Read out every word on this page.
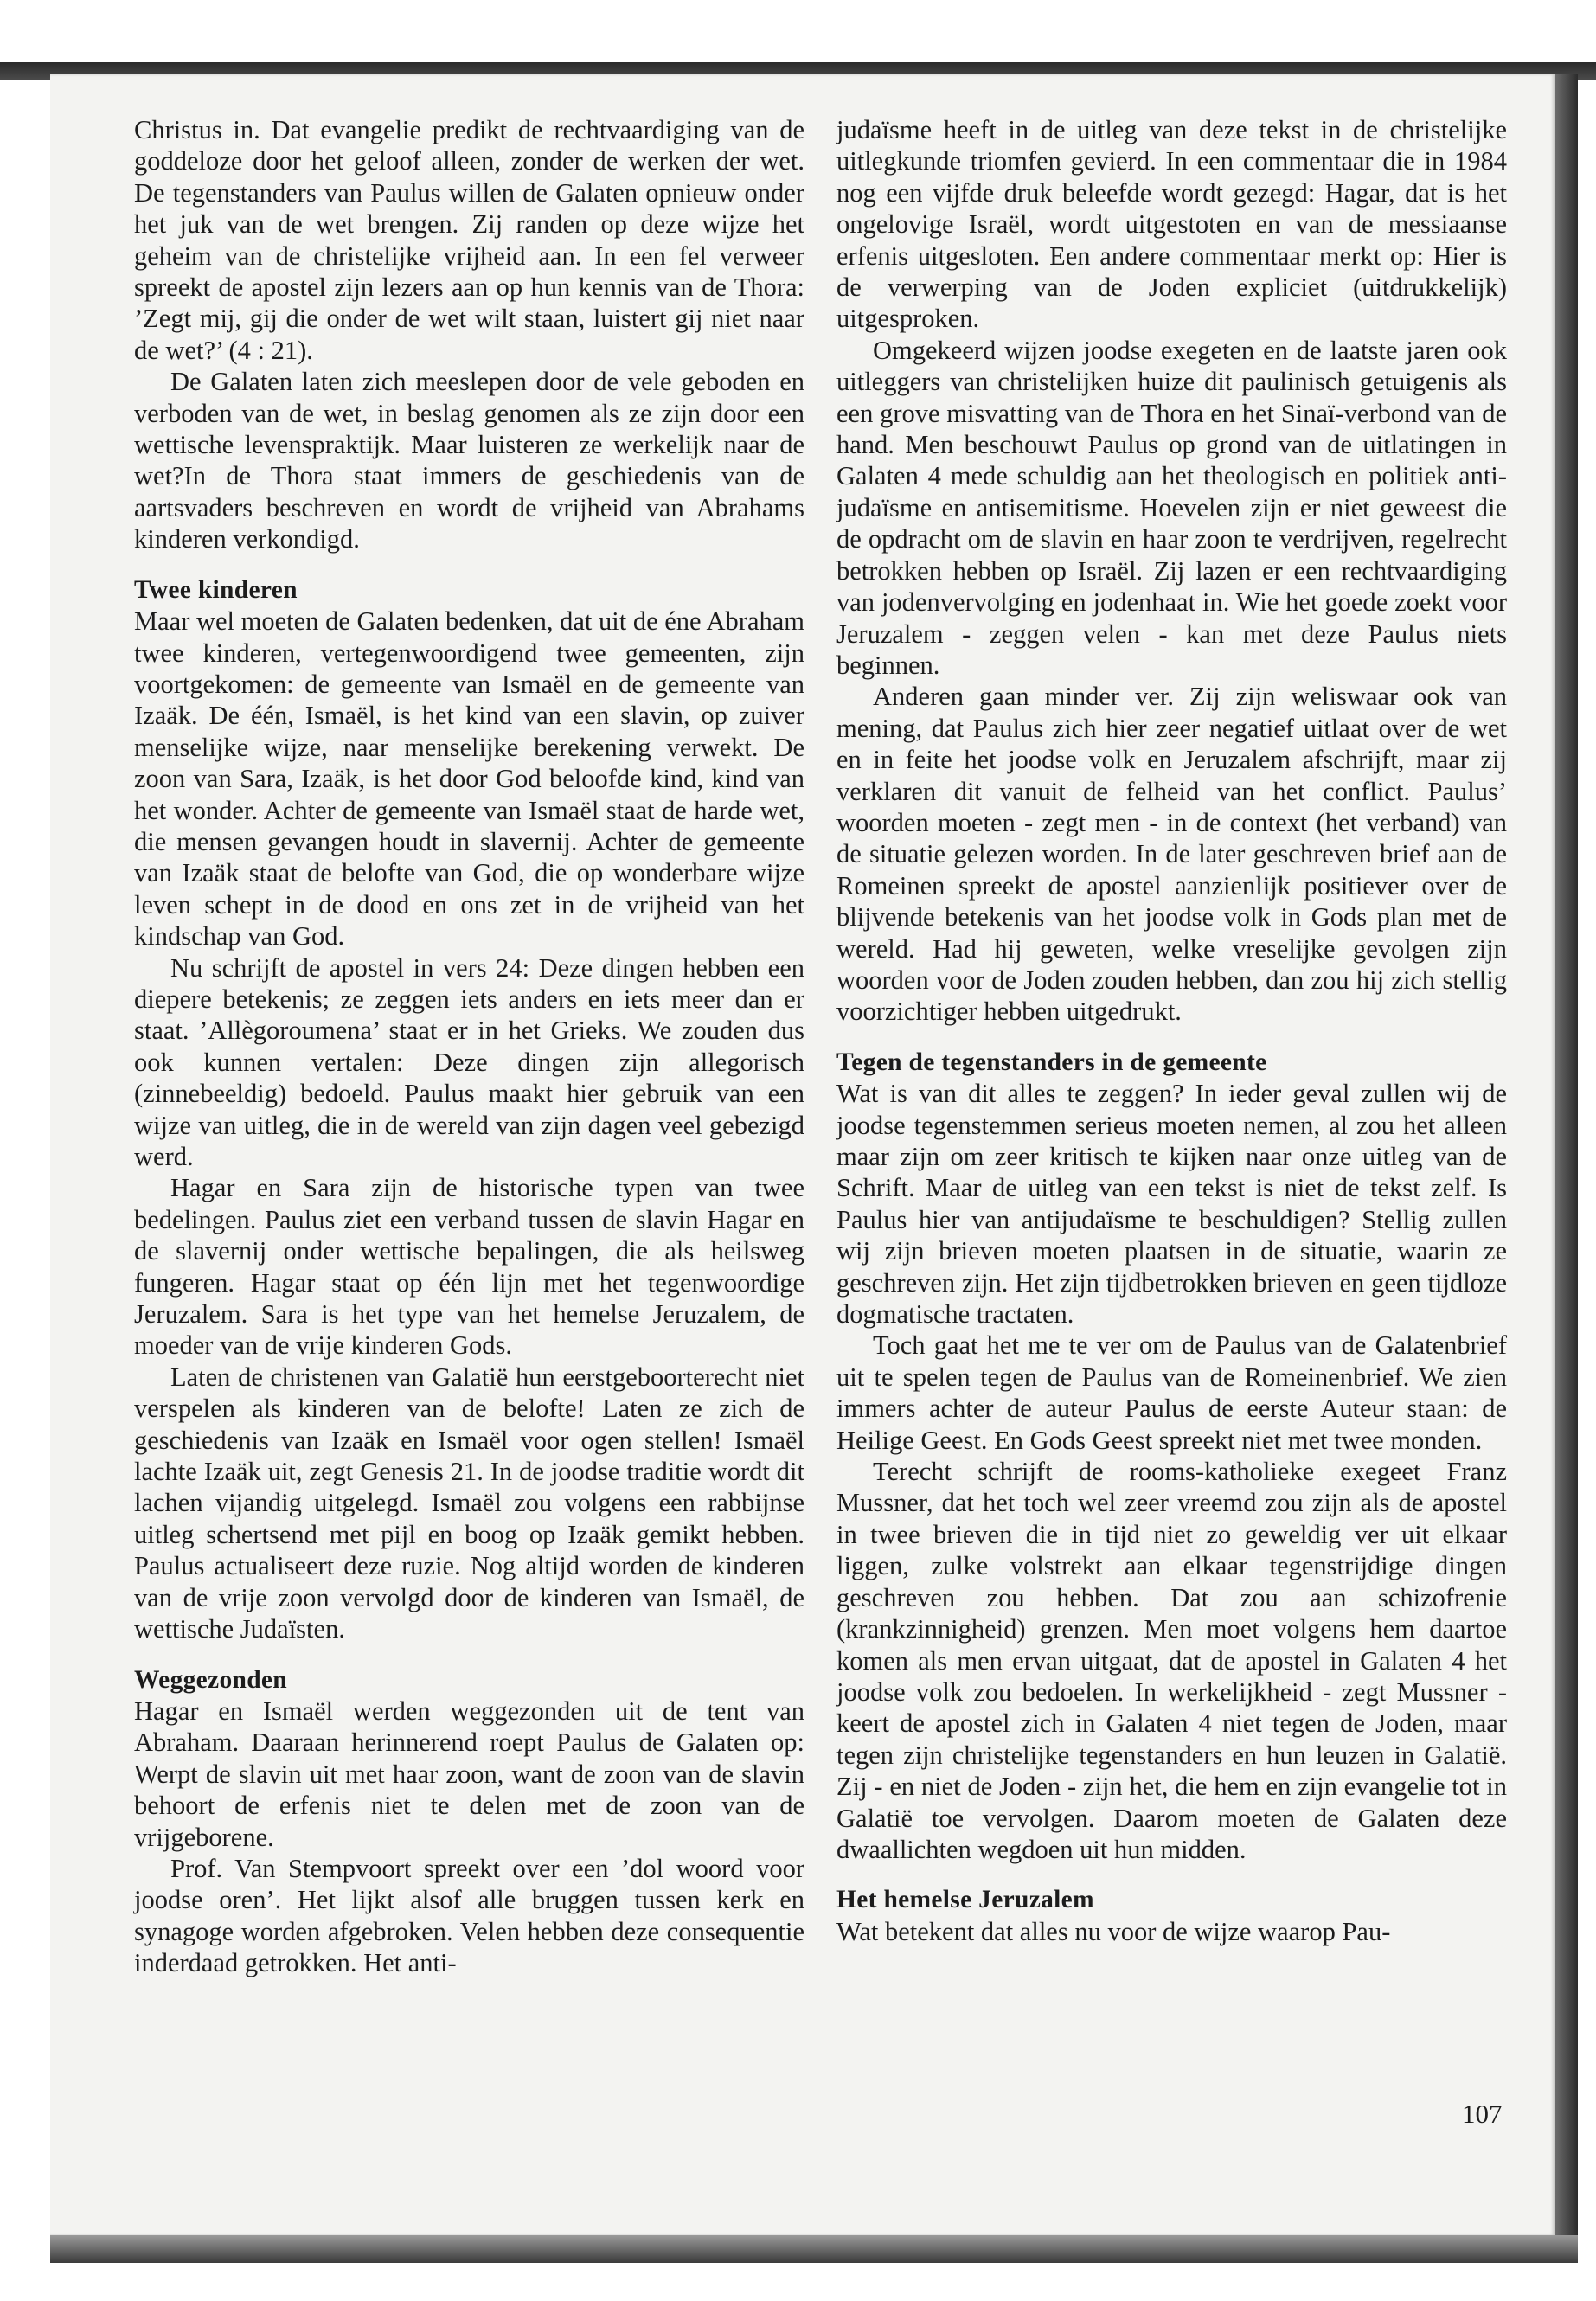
Christus in. Dat evangelie predikt de rechtvaardiging van de goddeloze door het geloof alleen, zonder de werken der wet. De tegenstanders van Paulus willen de Galaten opnieuw onder het juk van de wet brengen. Zij randen op deze wijze het geheim van de christelijke vrijheid aan. In een fel verweer spreekt de apostel zijn lezers aan op hun kennis van de Thora: ’Zegt mij, gij die onder de wet wilt staan, luistert gij niet naar de wet?’ (4 : 21).

De Galaten laten zich meeslepen door de vele geboden en verboden van de wet, in beslag genomen als ze zijn door een wettische levenspraktijk. Maar luisteren ze werkelijk naar de wet?In de Thora staat immers de geschiedenis van de aartsvaders beschreven en wordt de vrijheid van Abrahams kinderen verkondigd.

Twee kinderen

Maar wel moeten de Galaten bedenken, dat uit de éne Abraham twee kinderen, vertegenwoordigend twee gemeenten, zijn voortgekomen: de gemeente van Ismaël en de gemeente van Izaäk. De één, Ismaël, is het kind van een slavin, op zuiver menselijke wijze, naar menselijke berekening verwekt. De zoon van Sara, Izaäk, is het door God beloofde kind, kind van het wonder. Achter de gemeente van Ismaël staat de harde wet, die mensen gevangen houdt in slavernij. Achter de gemeente van Izaäk staat de belofte van God, die op wonderbare wijze leven schept in de dood en ons zet in de vrijheid van het kindschap van God.

Nu schrijft de apostel in vers 24: Deze dingen hebben een diepere betekenis; ze zeggen iets anders en iets meer dan er staat. ’Allègoroumena’ staat er in het Grieks. We zouden dus ook kunnen vertalen: Deze dingen zijn allegorisch (zinnebeeldig) bedoeld. Paulus maakt hier gebruik van een wijze van uitleg, die in de wereld van zijn dagen veel gebezigd werd.

Hagar en Sara zijn de historische typen van twee bedelingen. Paulus ziet een verband tussen de slavin Hagar en de slavernij onder wettische bepalingen, die als heilsweg fungeren. Hagar staat op één lijn met het tegenwoordige Jeruzalem. Sara is het type van het hemelse Jeruzalem, de moeder van de vrije kinderen Gods.

Laten de christenen van Galatië hun eerstgeboorterecht niet verspelen als kinderen van de belofte! Laten ze zich de geschiedenis van Izaäk en Ismaël voor ogen stellen! Ismaël lachte Izaäk uit, zegt Genesis 21. In de joodse traditie wordt dit lachen vijandig uitgelegd. Ismaël zou volgens een rabbijnse uitleg schertsend met pijl en boog op Izaäk gemikt hebben. Paulus actualiseert deze ruzie. Nog altijd worden de kinderen van de vrije zoon vervolgd door de kinderen van Ismaël, de wettische Judaïsten.

Weggezonden

Hagar en Ismaël werden weggezonden uit de tent van Abraham. Daaraan herinnerend roept Paulus de Galaten op: Werpt de slavin uit met haar zoon, want de zoon van de slavin behoort de erfenis niet te delen met de zoon van de vrijgeborene.

Prof. Van Stempvoort spreekt over een ’dol woord voor joodse oren’. Het lijkt alsof alle bruggen tussen kerk en synagoge worden afgebroken. Velen hebben deze consequentie inderdaad getrokken. Het anti-

judaïsme heeft in de uitleg van deze tekst in de christelijke uitlegkunde triomfen gevierd. In een commentaar die in 1984 nog een vijfde druk beleefde wordt gezegd: Hagar, dat is het ongelovige Israël, wordt uitgestoten en van de messiaanse erfenis uitgesloten. Een andere commentaar merkt op: Hier is de verwerping van de Joden expliciet (uitdrukkelijk) uitgesproken.

Omgekeerd wijzen joodse exegeten en de laatste jaren ook uitleggers van christelijken huize dit paulinisch getuigenis als een grove misvatting van de Thora en het Sinaï-verbond van de hand. Men beschouwt Paulus op grond van de uitlatingen in Galaten 4 mede schuldig aan het theologisch en politiek anti-judaïsme en antisemitisme. Hoevelen zijn er niet geweest die de opdracht om de slavin en haar zoon te verdrijven, regelrecht betrokken hebben op Israël. Zij lazen er een rechtvaardiging van jodenvervolging en jodenhaat in. Wie het goede zoekt voor Jeruzalem - zeggen velen - kan met deze Paulus niets beginnen.

Anderen gaan minder ver. Zij zijn weliswaar ook van mening, dat Paulus zich hier zeer negatief uitlaat over de wet en in feite het joodse volk en Jeruzalem afschrijft, maar zij verklaren dit vanuit de felheid van het conflict. Paulus’ woorden moeten - zegt men - in de context (het verband) van de situatie gelezen worden. In de later geschreven brief aan de Romeinen spreekt de apostel aanzienlijk positiever over de blijvende betekenis van het joodse volk in Gods plan met de wereld. Had hij geweten, welke vreselijke gevolgen zijn woorden voor de Joden zouden hebben, dan zou hij zich stellig voorzichtiger hebben uitgedrukt.

Tegen de tegenstanders in de gemeente

Wat is van dit alles te zeggen? In ieder geval zullen wij de joodse tegenstemmen serieus moeten nemen, al zou het alleen maar zijn om zeer kritisch te kijken naar onze uitleg van de Schrift. Maar de uitleg van een tekst is niet de tekst zelf. Is Paulus hier van antijudaïsme te beschuldigen? Stellig zullen wij zijn brieven moeten plaatsen in de situatie, waarin ze geschreven zijn. Het zijn tijdbetrokken brieven en geen tijdloze dogmatische tractaten.

Toch gaat het me te ver om de Paulus van de Galatenbrief uit te spelen tegen de Paulus van de Romeinenbrief. We zien immers achter de auteur Paulus de eerste Auteur staan: de Heilige Geest. En Gods Geest spreekt niet met twee monden.

Terecht schrijft de rooms-katholieke exegeet Franz Mussner, dat het toch wel zeer vreemd zou zijn als de apostel in twee brieven die in tijd niet zo geweldig ver uit elkaar liggen, zulke volstrekt aan elkaar tegenstrijdige dingen geschreven zou hebben. Dat zou aan schizofrenie (krankzinnigheid) grenzen. Men moet volgens hem daartoe komen als men ervan uitgaat, dat de apostel in Galaten 4 het joodse volk zou bedoelen. In werkelijkheid - zegt Mussner - keert de apostel zich in Galaten 4 niet tegen de Joden, maar tegen zijn christelijke tegenstanders en hun leuzen in Galatië. Zij - en niet de Joden - zijn het, die hem en zijn evangelie tot in Galatië toe vervolgen. Daarom moeten de Galaten deze dwaallichten wegdoen uit hun midden.

Het hemelse Jeruzalem

Wat betekent dat alles nu voor de wijze waarop Pau-

107
